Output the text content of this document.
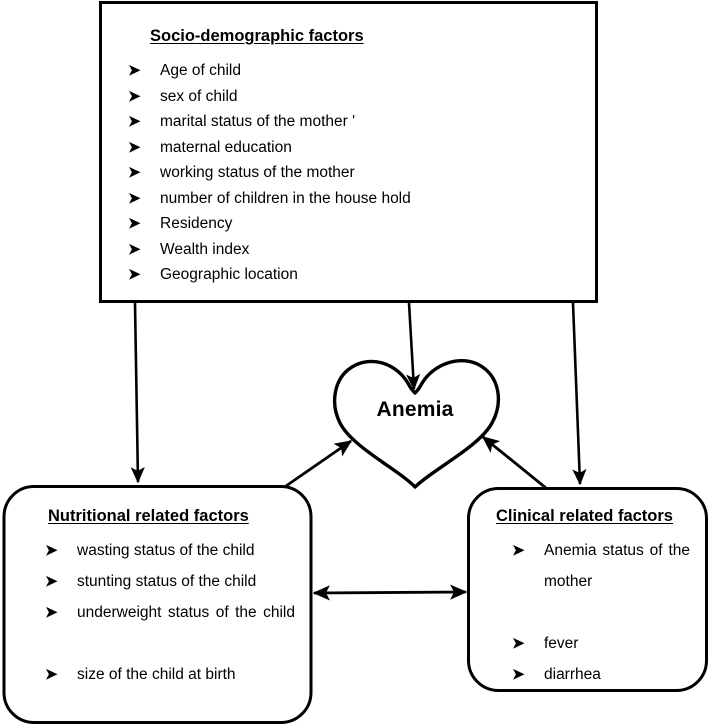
Socio-demographic factors
➤ Age of child
➤ sex of child
➤ marital status of the mother '
➤ maternal education
➤ working status of the mother
➤ number of children in the house hold
➤ Residency
➤ Wealth index
➤ Geographic location
Anemia
Nutritional related factors
➤ wasting status of the child
➤ stunting status of the child
➤ underweight status of the child
➤ size of the child at birth
Clinical related factors
➤ Anemia status of the mother
➤ fever
➤ diarrhea
